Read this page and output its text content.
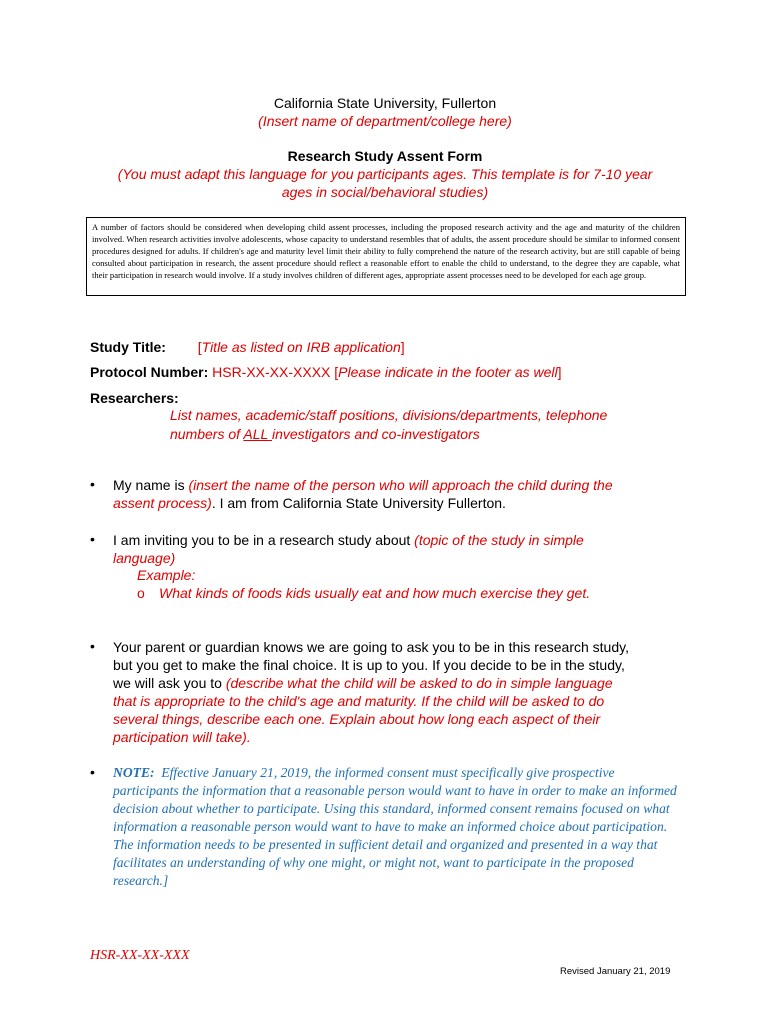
California State University, Fullerton
(Insert name of department/college here)
Research Study Assent Form
(You must adapt this language for you participants ages. This template is for 7-10 year
ages in social/behavioral studies)
A number of factors should be considered when developing child assent processes, including the proposed research activity and the age and maturity of the children involved. When research activities involve adolescents, whose capacity to understand resembles that of adults, the assent procedure should be similar to informed consent procedures designed for adults. If children's age and maturity level limit their ability to fully comprehend the nature of the research activity, but are still capable of being consulted about participation in research, the assent procedure should reflect a reasonable effort to enable the child to understand, to the degree they are capable, what their participation in research would involve. If a study involves children of different ages, appropriate assent processes need to be developed for each age group.
Study Title: [Title as listed on IRB application]
Protocol Number: HSR-XX-XX-XXXX [Please indicate in the footer as well]
Researchers:
List names, academic/staff positions, divisions/departments, telephone
numbers of ALL investigators and co-investigators
• My name is (insert the name of the person who will approach the child during the
assent process). I am from California State University Fullerton.
• I am inviting you to be in a research study about (topic of the study in simple
language)
Example:
o What kinds of foods kids usually eat and how much exercise they get.
• Your parent or guardian knows we are going to ask you to be in this research study,
but you get to make the final choice. It is up to you. If you decide to be in the study,
we will ask you to (describe what the child will be asked to do in simple language
that is appropriate to the child's age and maturity. If the child will be asked to do
several things, describe each one. Explain about how long each aspect of their
participation will take).
• NOTE: Effective January 21, 2019, the informed consent must specifically give prospective participants the information that a reasonable person would want to have in order to make an informed decision about whether to participate. Using this standard, informed consent remains focused on what information a reasonable person would want to have to make an informed choice about participation. The information needs to be presented in sufficient detail and organized and presented in a way that facilitates an understanding of why one might, or might not, want to participate in the proposed research.]
HSR-XX-XX-XXX
Revised January 21, 2019
